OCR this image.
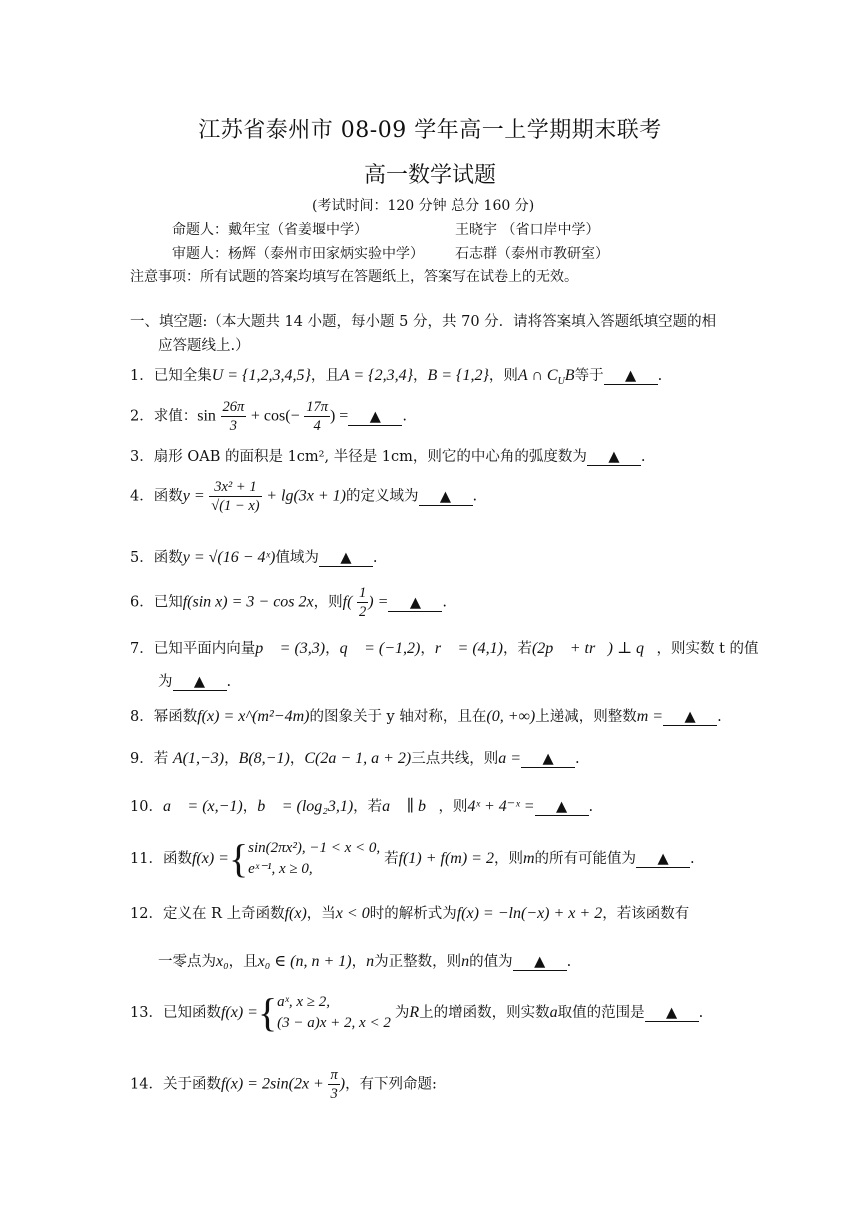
江苏省泰州市 08-09 学年高一上学期期末联考
高一数学试题
(考试时间：120 分钟 总分 160 分)
命题人：戴年宝（省姜堰中学）	王晓宇 （省口岸中学）
审题人：杨辉（泰州市田家炳实验中学） 石志群（泰州市教研室）
注意事项：所有试题的答案均填写在答题纸上，答案写在试卷上的无效。
一、填空题:（本大题共 14 小题，每小题 5 分，共 70 分．请将答案填入答题纸填空题的相
应答题线上.）
1．已知全集U = {1,2,3,4,5}，且A = {2,3,4}，B = {1,2}，则A ∩ $C_UB$等于 ▲ .
2．求值：$\sin \frac{26\pi}{3} + \cos(- \frac{17\pi}{4}$ ) = ▲ .
3．扇形 OAB 的面积是 1cm², 半径是 1cm，则它的中心角的弧度数为 ▲ .
4．函数$y = \frac{\text{3x² + 1}}{√(1 - x)} + \lg(3x + 1)$的定义域为 ▲ .
5．函数y = √(16 − 4ˣ)值域为 ▲ .
6．已知f(sin x) = 3 − cos 2x，则$f( \frac{1}{2}$ ) = ▲ .
7．已知平面内向量p⃗ = (3,3)，q⃗ = (−1,2)，r⃗ = (4,1)，若(2p⃗ + tr⃗) ⊥ q⃗，则实数 t 的值
为 ▲ .
8．幂函数f(x) = x^(m²−4m)的图象关于 y 轴对称，且在(0, +∞)上递减，则整数m = ▲ .
9．若 A(1,−3)，B(8,−1)，C(2a − 1, a + 2)三点共线，则a = ▲ .
10．a⃗ = (x,−1)，b⃗ = (log₂3,1)，若a⃗ ∥ b⃗，则4ˣ + 4⁻ˣ = ▲ .
11．函数f(x) ={ sin(2πx²), −1 < x < 0,
eˣ⁻¹, x ≥ 0,
若f(1) + f(m) = 2，则m的所有可能值为 ▲ .
12．定义在 R 上奇函数f(x)，当x < 0时的解析式为f(x) = −ln(−x) + x + 2，若该函数有
一零点为x₀，且x₀ ∈ (n, n + 1)，n为正整数，则n的值为 ▲ .
13．已知函数f(x) ={ aˣ, x ≥ 2,
(3 − a)x + 2, x < 2
为R上的增函数，则实数a取值的范围是 ▲ .
14．关于函数$f(x) = 2\sin(2x + \frac{\pi}{3}$ )，有下列命题:
